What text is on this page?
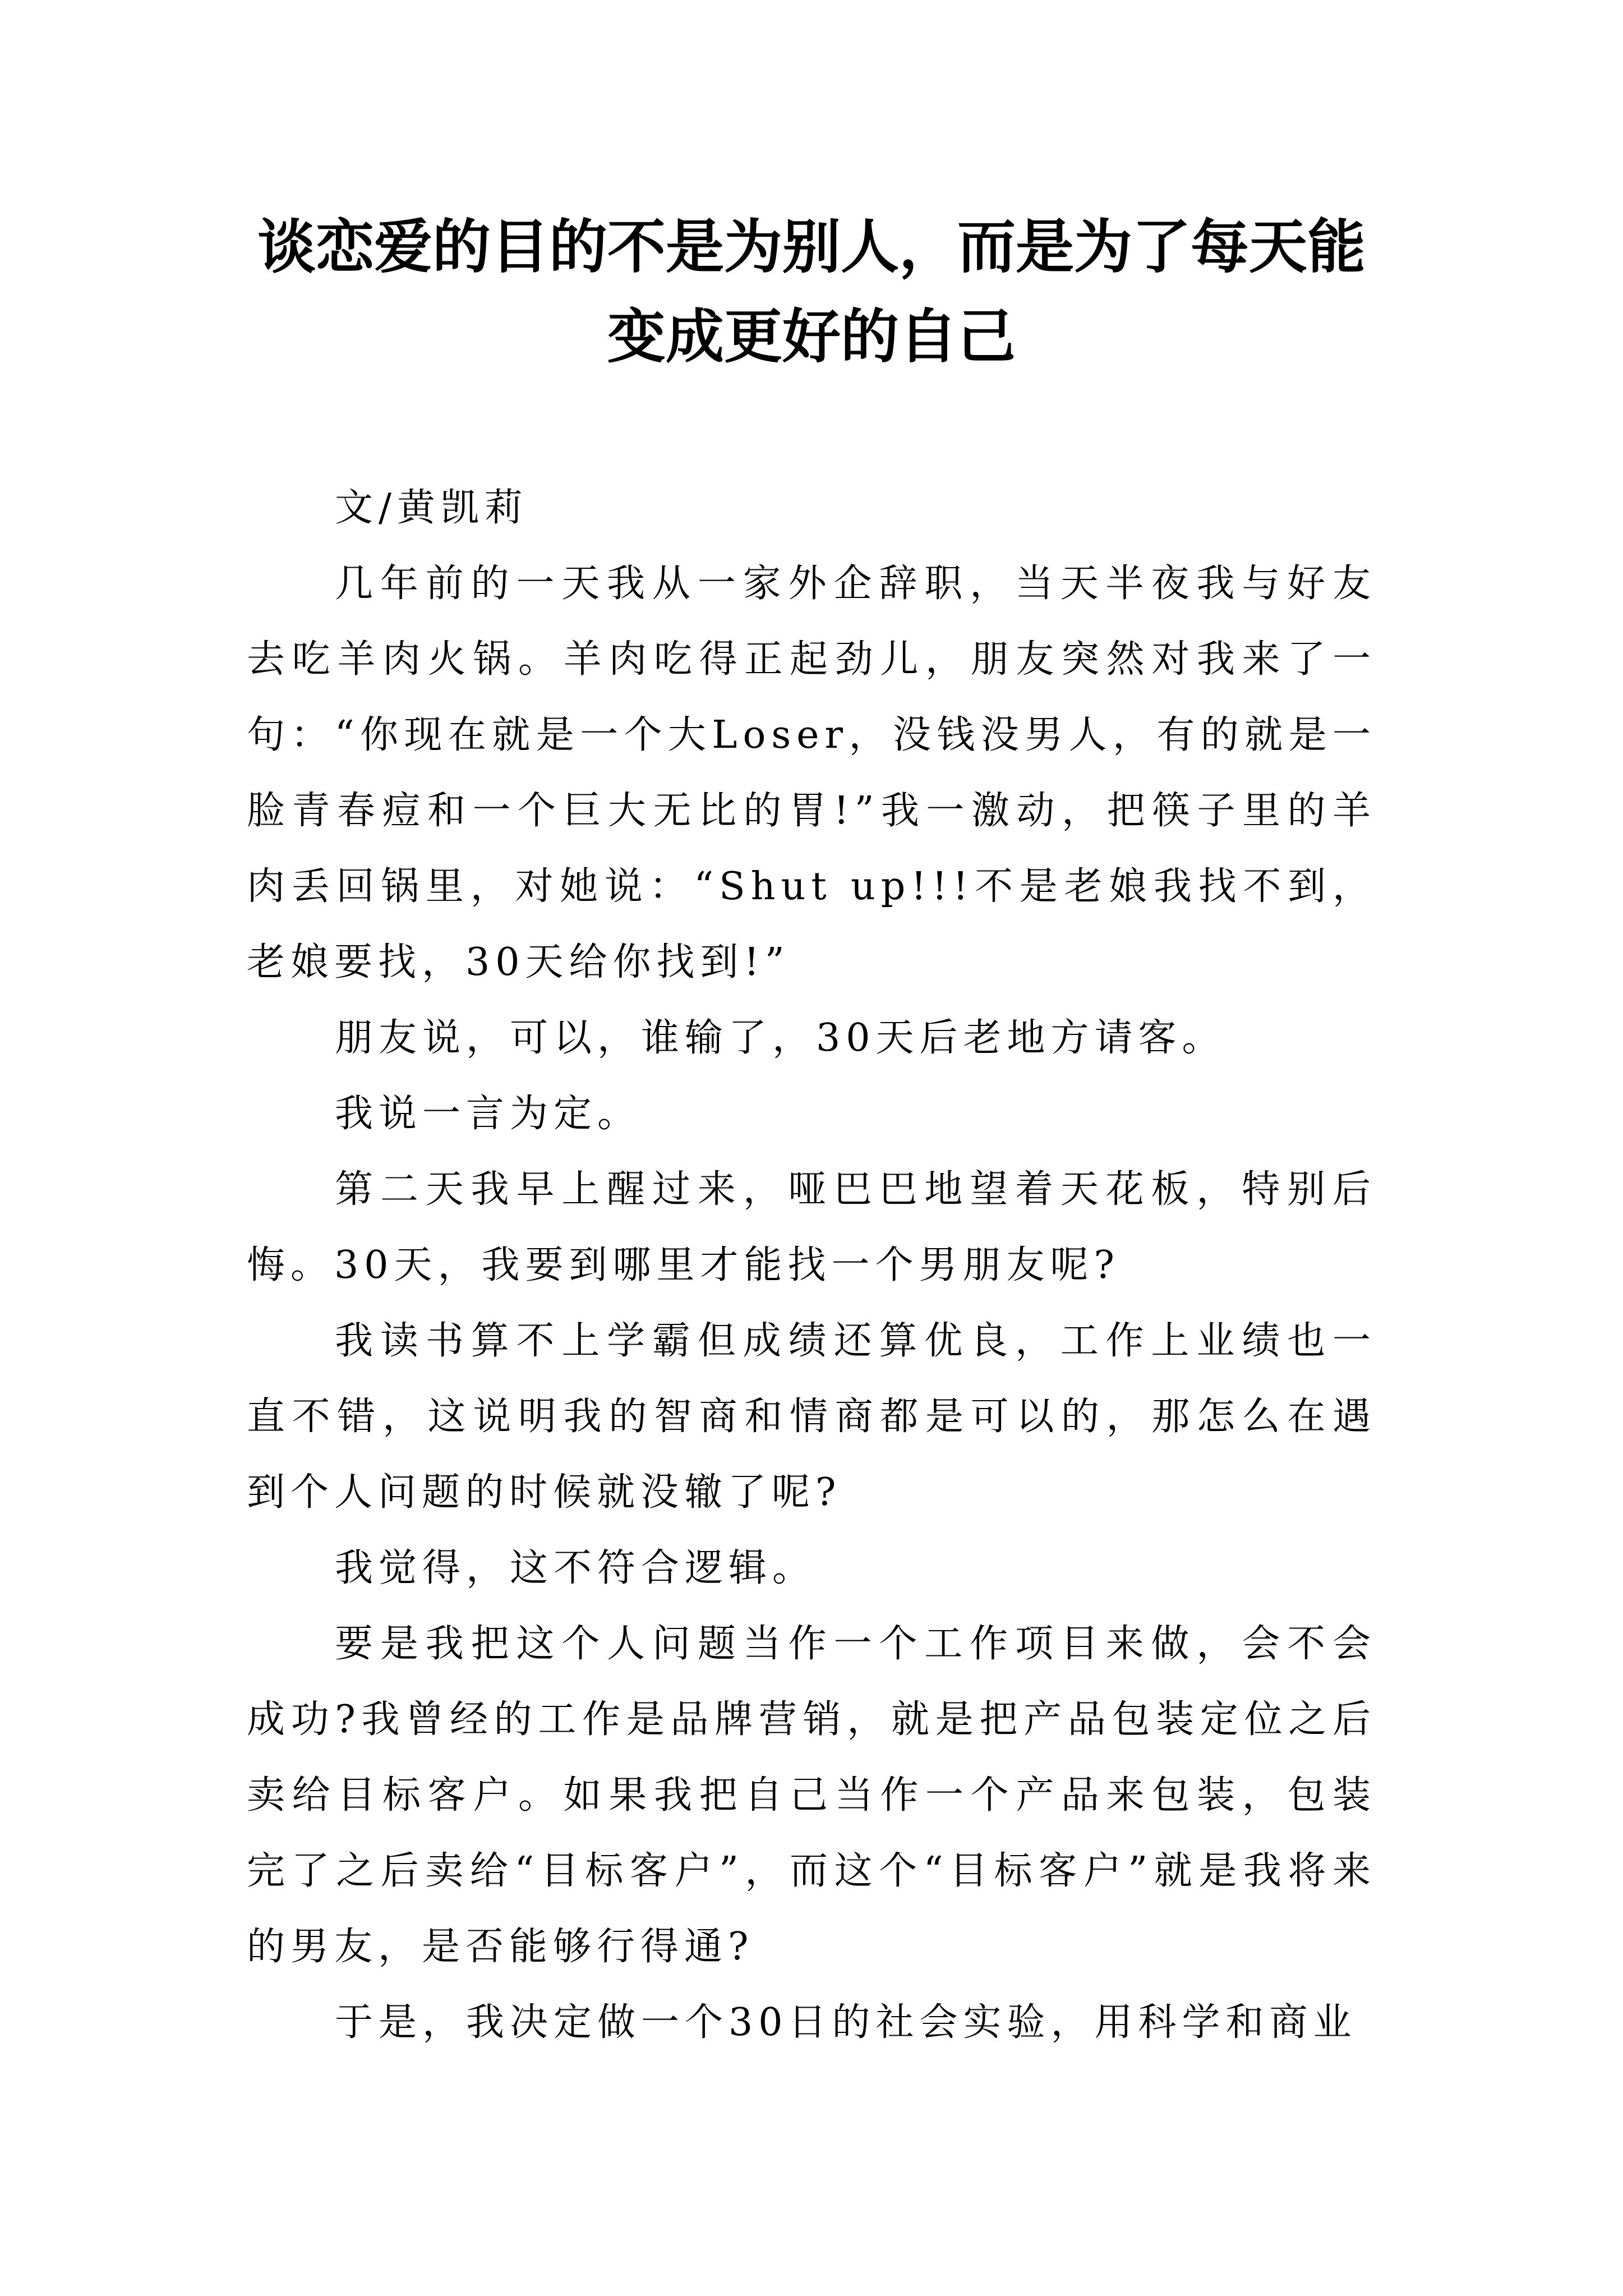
谈恋爱的目的不是为别人，而是为了每天能
变成更好的自己

文/黄凯莉

几年前的一天我从一家外企辞职，当天半夜我与好友去吃羊肉火锅。羊肉吃得正起劲儿，朋友突然对我来了一句：“你现在就是一个大Loser，没钱没男人，有的就是一脸青春痘和一个巨大无比的胃!”我一激动，把筷子里的羊肉丢回锅里，对她说：“Shut up!!!不是老娘我找不到，老娘要找，30天给你找到!”

朋友说，可以，谁输了，30天后老地方请客。

我说一言为定。

第二天我早上醒过来，哑巴巴地望着天花板，特别后悔。30天，我要到哪里才能找一个男朋友呢?

我读书算不上学霸但成绩还算优良，工作上业绩也一直不错，这说明我的智商和情商都是可以的，那怎么在遇到个人问题的时候就没辙了呢?

我觉得，这不符合逻辑。

要是我把这个人问题当作一个工作项目来做，会不会成功?我曾经的工作是品牌营销，就是把产品包装定位之后卖给目标客户。如果我把自己当作一个产品来包装，包装完了之后卖给“目标客户”，而这个“目标客户”就是我将来的男友，是否能够行得通?

于是，我决定做一个30日的社会实验，用科学和商业
